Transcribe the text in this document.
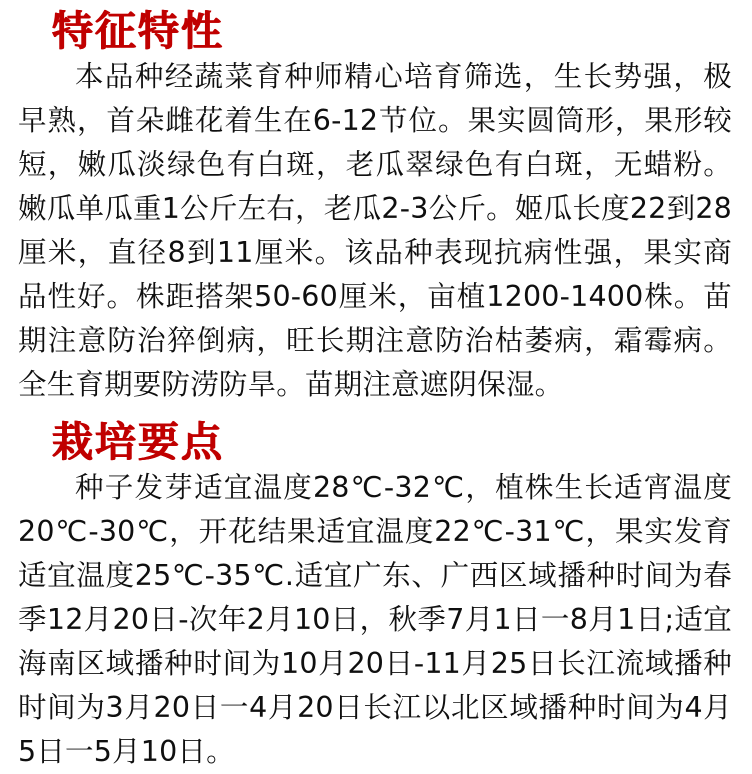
特征特性

本品种经蔬菜育种师精心培育筛选，生长势强，极早熟，首朵雌花着生在6-12节位。果实圆筒形，果形较短，嫩瓜淡绿色有白斑，老瓜翠绿色有白斑，无蜡粉。嫩瓜单瓜重1公斤左右，老瓜2-3公斤。姬瓜长度22到28厘米，直径8到11厘米。该品种表现抗病性强，果实商品性好。株距搭架50-60厘米，亩植1200-1400株。苗期注意防治猝倒病，旺长期注意防治枯萎病，霜霉病。全生育期要防涝防旱。苗期注意遮阴保湿。

栽培要点

种子发芽适宜温度28℃-32℃，植株生长适宵温度20℃-30℃，开花结果适宜温度22℃-31℃，果实发育适宜温度25℃-35℃.适宜广东、广西区域播种时间为春季12月20日-次年2月10日，秋季7月1日一8月1日;适宜海南区域播种时间为10月20日-11月25日长江流域播种时间为3月20日一4月20日长江以北区域播种时间为4月5日一5月10日。
